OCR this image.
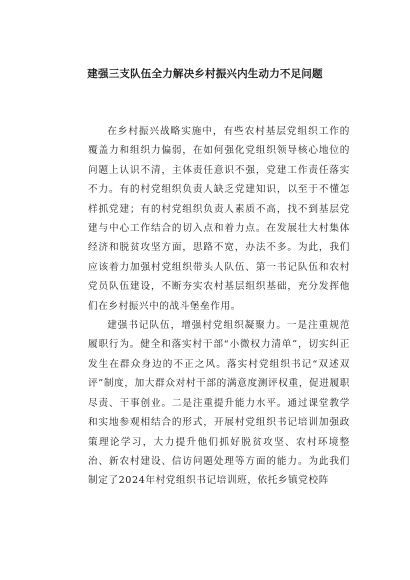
建强三支队伍全力解决乡村振兴内生动力不足问题

在乡村振兴战略实施中，有些农村基层党组织工作的覆盖力和组织力偏弱，在如何强化党组织领导核心地位的问题上认识不清，主体责任意识不强，党建工作责任落实不力。有的村党组织负责人缺乏党建知识，以至于不懂怎样抓党建；有的村党组织负责人素质不高，找不到基层党建与中心工作结合的切入点和着力点。在发展壮大村集体经济和脱贫攻坚方面，思路不宽，办法不多。为此，我们应该着力加强村党组织带头人队伍、第一书记队伍和农村党员队伍建设，不断夯实农村基层组织基础，充分发挥他们在乡村振兴中的战斗堡垒作用。

建强书记队伍，增强村党组织凝聚力。一是注重规范履职行为。健全和落实村干部“小微权力清单”，切实纠正发生在群众身边的不正之风。落实村党组织书记“双述双评”制度，加大群众对村干部的满意度测评权重，促进履职尽责、干事创业。二是注重提升能力水平。通过课堂教学和实地参观相结合的形式，开展村党组织书记培训加强政策理论学习，大力提升他们抓好脱贫攻坚、农村环境整治、新农村建设、信访问题处理等方面的能力。为此我们制定了2024年村党组织书记培训班，依托乡镇党校阵
